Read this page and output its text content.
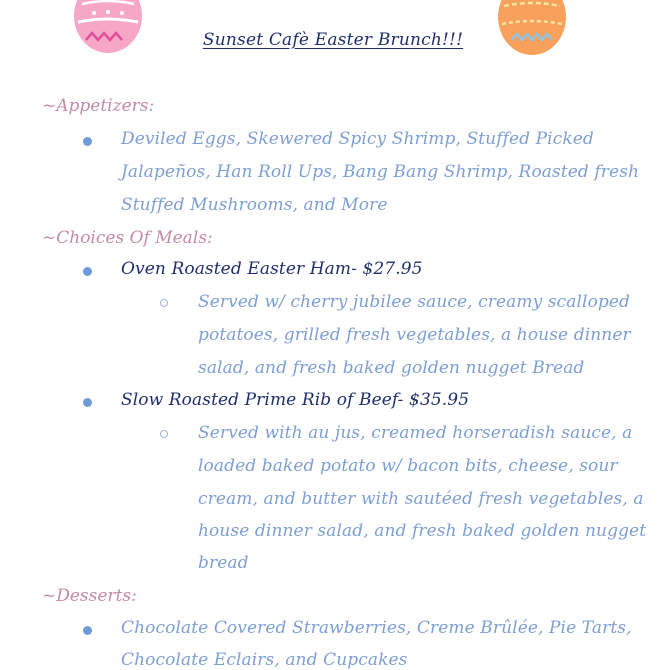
Sunset Cafè Easter Brunch!!!
~Appetizers:
Deviled Eggs, Skewered Spicy Shrimp, Stuffed Picked
Jalapeños, Han Roll Ups, Bang Bang Shrimp, Roasted fresh
Stuffed Mushrooms, and More
~Choices Of Meals:
Oven Roasted Easter Ham- $27.95
Served w/ cherry jubilee sauce, creamy scalloped
potatoes, grilled fresh vegetables, a house dinner
salad, and fresh baked golden nugget Bread
Slow Roasted Prime Rib of Beef- $35.95
Served with au jus, creamed horseradish sauce, a
loaded baked potato w/ bacon bits, cheese, sour
cream, and butter with sautéed fresh vegetables, a
house dinner salad, and fresh baked golden nugget
bread
~Desserts:
Chocolate Covered Strawberries, Creme Brûlée, Pie Tarts,
Chocolate Eclairs, and Cupcakes
